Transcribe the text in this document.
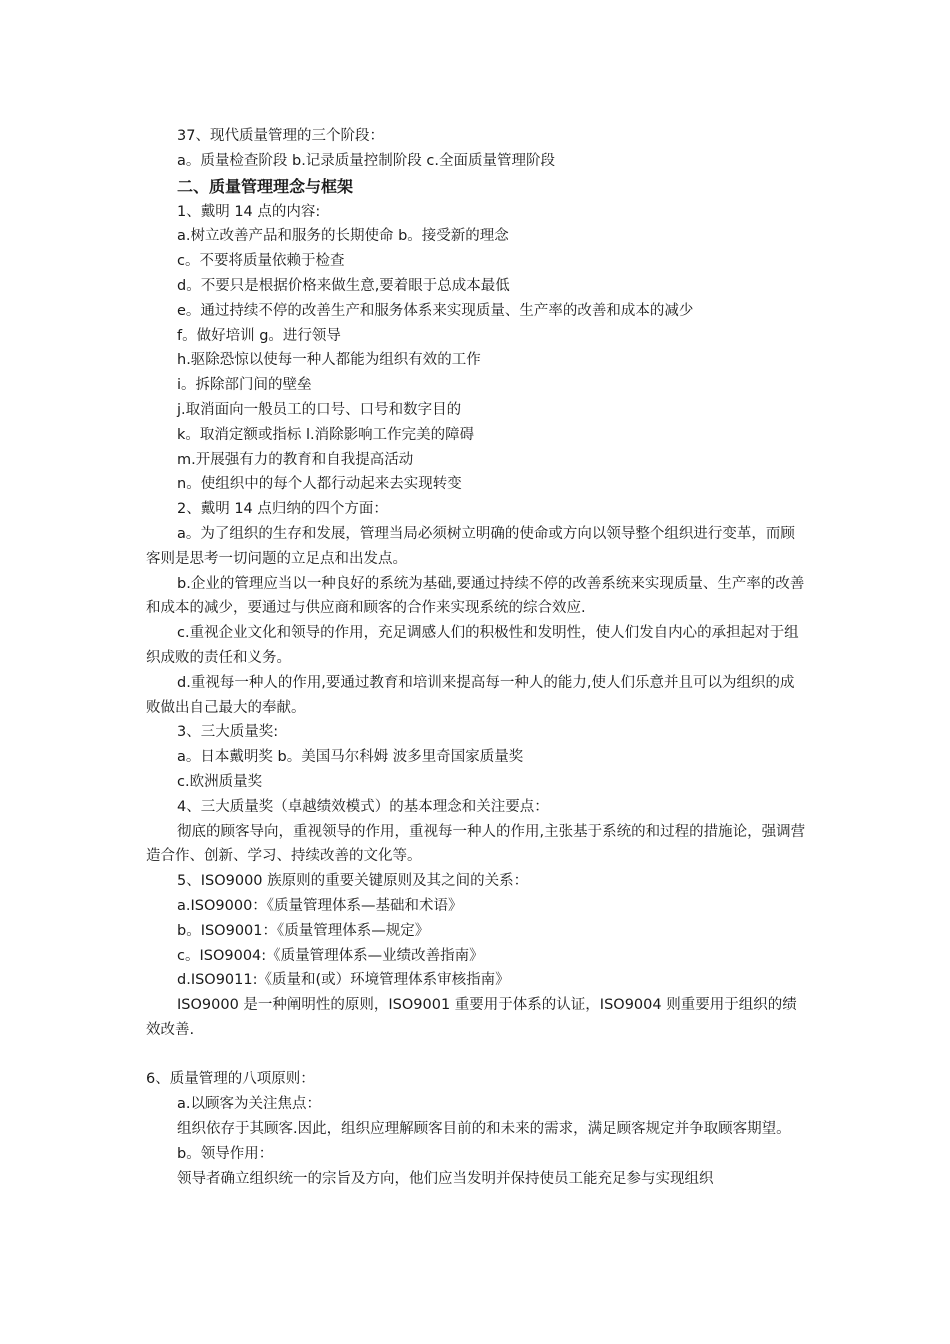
37、现代质量管理的三个阶段：

a。质量检查阶段 b.记录质量控制阶段 c.全面质量管理阶段

二、质量管理理念与框架

1、戴明 14 点的内容:

a.树立改善产品和服务的长期使命 b。接受新的理念

c。不要将质量依赖于检查

d。不要只是根据价格来做生意,要着眼于总成本最低

e。通过持续不停的改善生产和服务体系来实现质量、生产率的改善和成本的减少

f。做好培训 g。进行领导

h.驱除恐惊以使每一种人都能为组织有效的工作

i。拆除部门间的壁垒

j.取消面向一般员工的口号、口号和数字目的

k。取消定额或指标 l.消除影响工作完美的障碍

m.开展强有力的教育和自我提高活动

n。使组织中的每个人都行动起来去实现转变

2、戴明 14 点归纳的四个方面：

a。为了组织的生存和发展，管理当局必须树立明确的使命或方向以领导整个组织进行变革，而顾客则是思考一切问题的立足点和出发点。

b.企业的管理应当以一种良好的系统为基础,要通过持续不停的改善系统来实现质量、生产率的改善和成本的减少，要通过与供应商和顾客的合作来实现系统的综合效应.

c.重视企业文化和领导的作用，充足调感人们的积极性和发明性，使人们发自内心的承担起对于组织成败的责任和义务。

d.重视每一种人的作用,要通过教育和培训来提高每一种人的能力,使人们乐意并且可以为组织的成败做出自己最大的奉献。

3、三大质量奖:

a。日本戴明奖 b。美国马尔科姆 波多里奇国家质量奖

c.欧洲质量奖

4、三大质量奖（卓越绩效模式）的基本理念和关注要点：

彻底的顾客导向，重视领导的作用，重视每一种人的作用,主张基于系统的和过程的措施论，强调营造合作、创新、学习、持续改善的文化等。

5、ISO9000 族原则的重要关键原则及其之间的关系：

a.ISO9000：《质量管理体系—基础和术语》

b。ISO9001：《质量管理体系—规定》

c。ISO9004:《质量管理体系—业绩改善指南》

d.ISO9011:《质量和(或）环境管理体系审核指南》

ISO9000 是一种阐明性的原则，ISO9001 重要用于体系的认证，ISO9004 则重要用于组织的绩效改善.

6、质量管理的八项原则：

a.以顾客为关注焦点：

组织依存于其顾客.因此，组织应理解顾客目前的和未来的需求，满足顾客规定并争取顾客期望。

b。领导作用：

领导者确立组织统一的宗旨及方向，他们应当发明并保持使员工能充足参与实现组织
